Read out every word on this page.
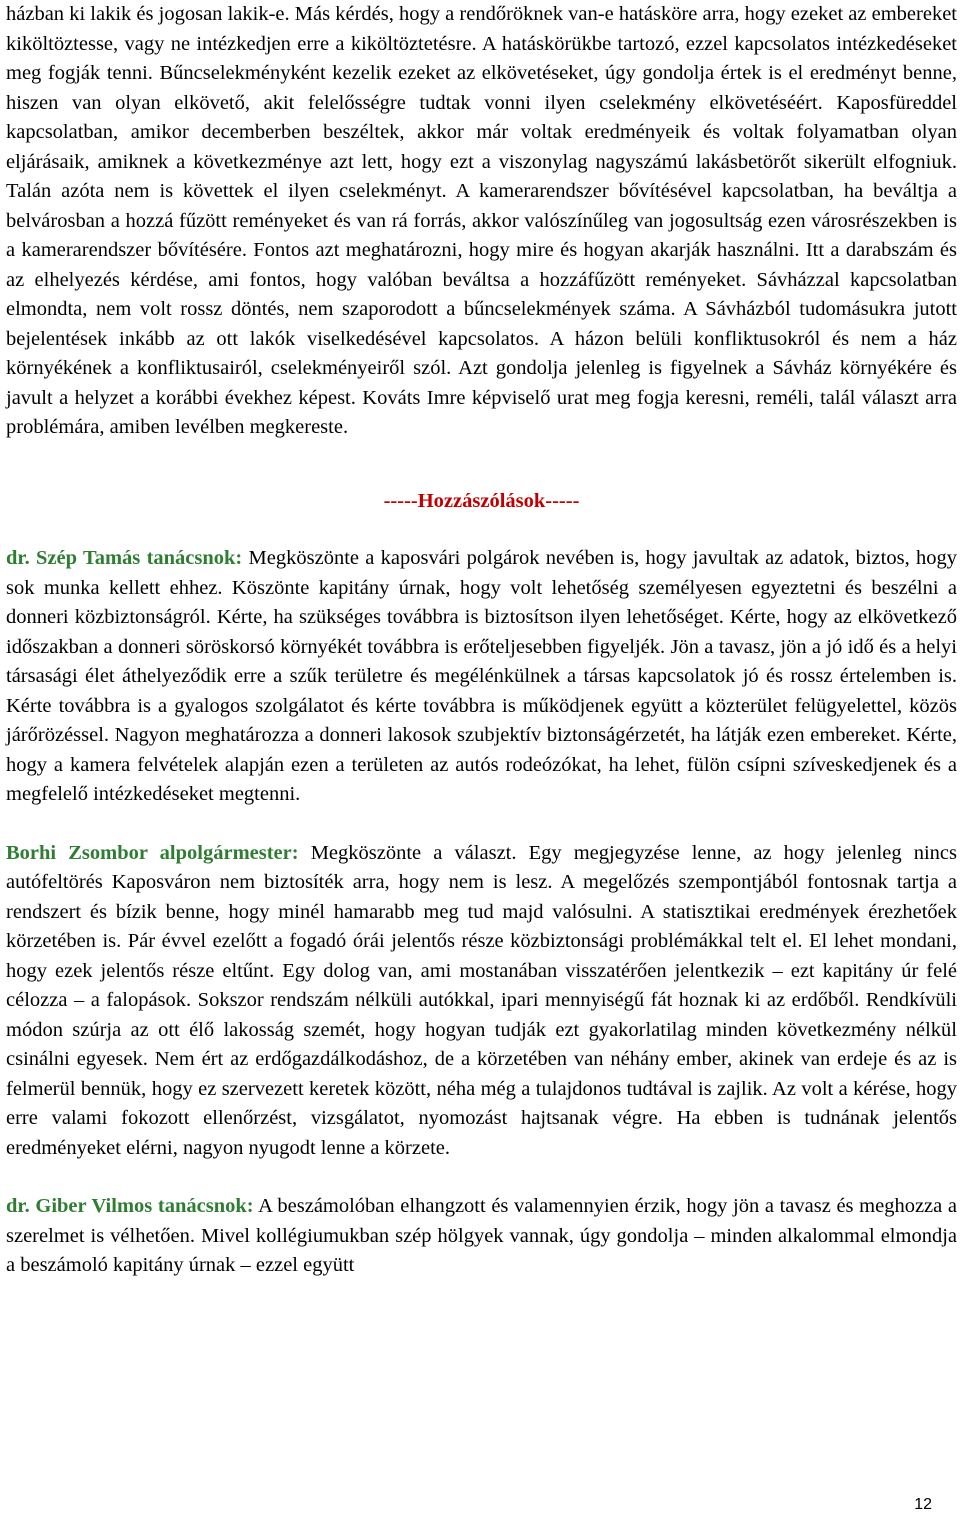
házban ki lakik és jogosan lakik-e. Más kérdés, hogy a rendőröknek van-e hatásköre arra, hogy ezeket az embereket kiköltöztesse, vagy ne intézkedjen erre a kiköltöztetésre. A hatáskörükbe tartozó, ezzel kapcsolatos intézkedéseket meg fogják tenni. Bűncselekményként kezelik ezeket az elkövetéseket, úgy gondolja értek is el eredményt benne, hiszen van olyan elkövető, akit felelősségre tudtak vonni ilyen cselekmény elkövetéséért. Kaposfüreddel kapcsolatban, amikor decemberben beszéltek, akkor már voltak eredményeik és voltak folyamatban olyan eljárásaik, amiknek a következménye azt lett, hogy ezt a viszonylag nagyszámú lakásbetörőt sikerült elfogniuk. Talán azóta nem is követtek el ilyen cselekményt. A kamerarendszer bővítésével kapcsolatban, ha beváltja a belvárosban a hozzá fűzött reményeket és van rá forrás, akkor valószínűleg van jogosultság ezen városrészekben is a kamerarendszer bővítésére. Fontos azt meghatározni, hogy mire és hogyan akarják használni. Itt a darabszám és az elhelyezés kérdése, ami fontos, hogy valóban beváltsa a hozzáfűzött reményeket. Sávházzal kapcsolatban elmondta, nem volt rossz döntés, nem szaporodott a bűncselekmények száma. A Sávházból tudomásukra jutott bejelentések inkább az ott lakók viselkedésével kapcsolatos. A házon belüli konfliktusokról és nem a ház környékének a konfliktusairól, cselekményeiről szól. Azt gondolja jelenleg is figyelnek a Sávház környékére és javult a helyzet a korábbi évekhez képest. Kováts Imre képviselő urat meg fogja keresni, reméli, talál választ arra problémára, amiben levélben megkereste.

-----Hozzászólások-----

dr. Szép Tamás tanácsnok: Megköszönte a kaposvári polgárok nevében is, hogy javultak az adatok, biztos, hogy sok munka kellett ehhez. Köszönte kapitány úrnak, hogy volt lehetőség személyesen egyeztetni és beszélni a donneri közbiztonságról. Kérte, ha szükséges továbbra is biztosítson ilyen lehetőséget. Kérte, hogy az elkövetkező időszakban a donneri söröskorsó környékét továbbra is erőteljesebben figyeljék. Jön a tavasz, jön a jó idő és a helyi társasági élet áthelyeződik erre a szűk területre és megélénkülnek a társas kapcsolatok jó és rossz értelemben is. Kérte továbbra is a gyalogos szolgálatot és kérte továbbra is működjenek együtt a közterület felügyelettel, közös járőrözéssel. Nagyon meghatározza a donneri lakosok szubjektív biztonságérzetét, ha látják ezen embereket. Kérte, hogy a kamera felvételek alapján ezen a területen az autós rodeózókat, ha lehet, fülön csípni szíveskedjenek és a megfelelő intézkedéseket megtenni.

Borhi Zsombor alpolgármester: Megköszönte a választ. Egy megjegyzése lenne, az hogy jelenleg nincs autófeltörés Kaposváron nem biztosíték arra, hogy nem is lesz. A megelőzés szempontjából fontosnak tartja a rendszert és bízik benne, hogy minél hamarabb meg tud majd valósulni. A statisztikai eredmények érezhetőek körzetében is. Pár évvel ezelőtt a fogadó órái jelentős része közbiztonsági problémákkal telt el. El lehet mondani, hogy ezek jelentős része eltűnt. Egy dolog van, ami mostanában visszatérően jelentkezik – ezt kapitány úr felé célozza – a falopások. Sokszor rendszám nélküli autókkal, ipari mennyiségű fát hoznak ki az erdőből. Rendkívüli módon szúrja az ott élő lakosság szemét, hogy hogyan tudják ezt gyakorlatilag minden következmény nélkül csinálni egyesek. Nem ért az erdőgazdálkodáshoz, de a körzetében van néhány ember, akinek van erdeje és az is felmerül bennük, hogy ez szervezett keretek között, néha még a tulajdonos tudtával is zajlik. Az volt a kérése, hogy erre valami fokozott ellenőrzést, vizsgálatot, nyomozást hajtsanak végre. Ha ebben is tudnának jelentős eredményeket elérni, nagyon nyugodt lenne a körzete.

dr. Giber Vilmos tanácsnok: A beszámolóban elhangzott és valamennyien érzik, hogy jön a tavasz és meghozza a szerelmet is vélhetően. Mivel kollégiumukban szép hölgyek vannak, úgy gondolja – minden alkalommal elmondja a beszámoló kapitány úrnak – ezzel együtt

12
